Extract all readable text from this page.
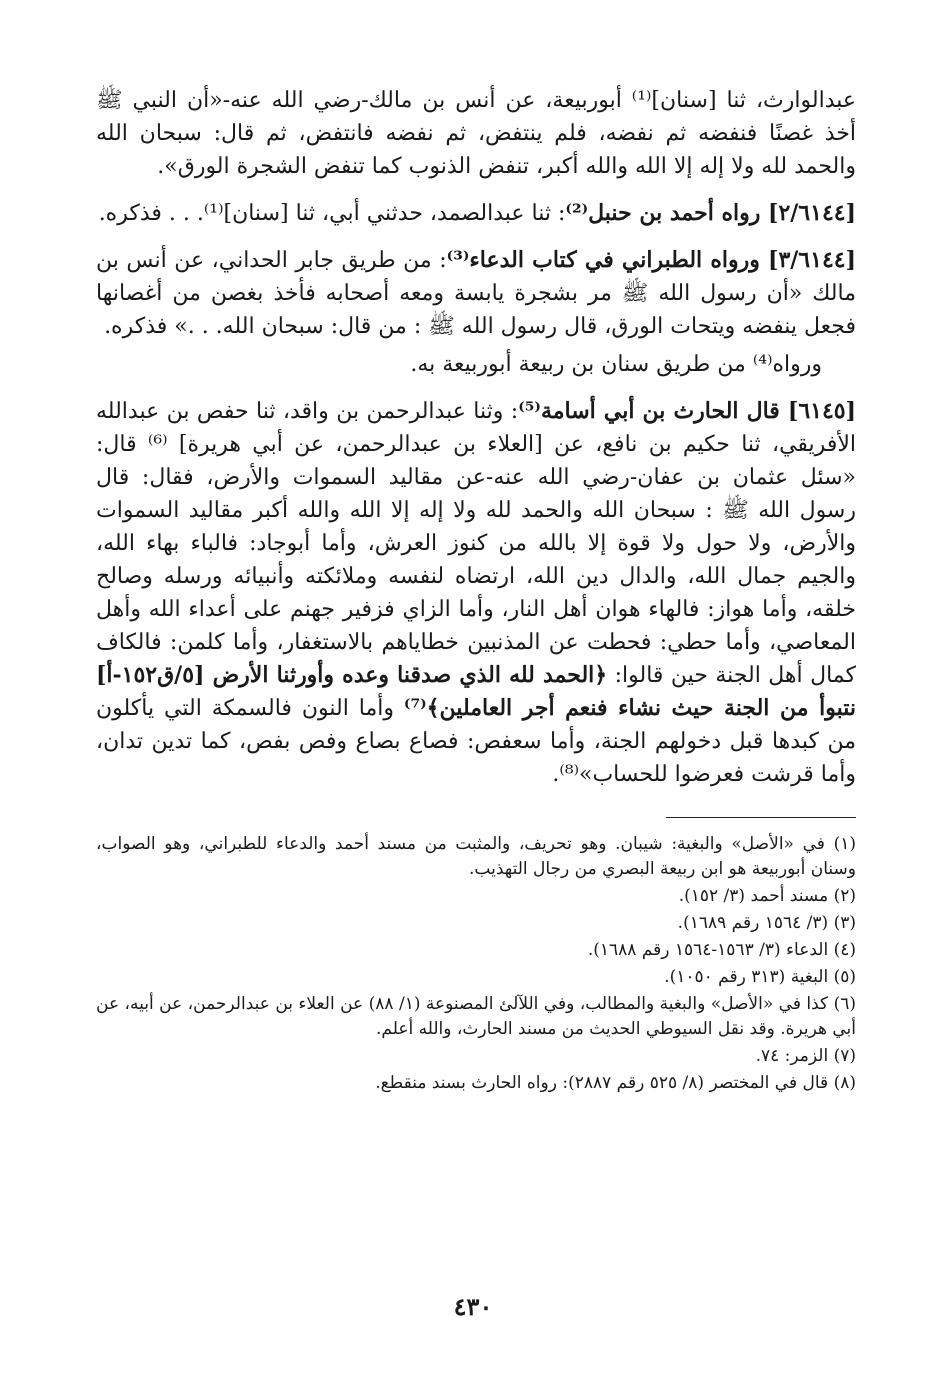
عبدالوارث، ثنا [سنان]⁽¹⁾ أبوربيعة، عن أنس بن مالك-رضي الله عنه-«أن النبي ﷺ أخذ غصنًا فنفضه ثم نفضه، فلم ينتفض، ثم نفضه فانتفض، ثم قال: سبحان الله والحمد لله ولا إله إلا الله والله أكبر، تنفض الذنوب كما تنفض الشجرة الورق».

[٢/٦١٤٤] رواه أحمد بن حنبل⁽²⁾: ثنا عبدالصمد، حدثني أبي، ثنا [سنان]⁽¹⁾. . . فذكره.

[٣/٦١٤٤] ورواه الطبراني في كتاب الدعاء⁽³⁾: من طريق جابر الحداني، عن أنس بن مالك «أن رسول الله ﷺ مر بشجرة يابسة ومعه أصحابه فأخذ بغصن من أغصانها فجعل ينفضه ويتحات الورق، قال رسول الله ﷺ : من قال: سبحان الله. . .» فذكره.

ورواه⁽⁴⁾ من طريق سنان بن ربيعة أبوربيعة به.

[٦١٤٥] قال الحارث بن أبي أسامة⁽⁵⁾: وثنا عبدالرحمن بن واقد، ثنا حفص بن عبدالله الأفريقي، ثنا حكيم بن نافع، عن [العلاء بن عبدالرحمن، عن أبي هريرة] ⁽⁶⁾ قال: «سئل عثمان بن عفان-رضي الله عنه-عن مقاليد السموات والأرض، فقال: قال رسول الله ﷺ : سبحان الله والحمد لله ولا إله إلا الله والله أكبر مقاليد السموات والأرض، ولا حول ولا قوة إلا بالله من كنوز العرش، وأما أبوجاد: فالباء بهاء الله، والجيم جمال الله، والدال دين الله، ارتضاه لنفسه وملائكته وأنبيائه ورسله وصالح خلقه، وأما هواز: فالهاء هوان أهل النار، وأما الزاي فزفير جهنم على أعداء الله وأهل المعاصي، وأما حطي: فحطت عن المذنبين خطاياهم بالاستغفار، وأما كلمن: فالكاف كمال أهل الجنة حين قالوا: ﴿الحمد لله الذي صدقنا وعده وأورثنا الأرض [٥/ق١٥٢-أ] نتبوأ من الجنة حيث نشاء فنعم أجر العاملين﴾⁽⁷⁾ وأما النون فالسمكة التي يأكلون من كبدها قبل دخولهم الجنة، وأما سعفص: فصاع بصاع وفص بفص، كما تدين تدان، وأما قرشت فعرضوا للحساب»⁽⁸⁾.

(١) في «الأصل» والبغية: شيبان. وهو تحريف، والمثبت من مسند أحمد والدعاء للطبراني، وهو الصواب، وسنان أبوربيعة هو ابن ربيعة البصري من رجال التهذيب.
(٢) مسند أحمد (٣/ ١٥٢).
(٣) (٣/ ١٥٦٤ رقم ١٦٨٩).
(٤) الدعاء (٣/ ١٥٦٣-١٥٦٤ رقم ١٦٨٨).
(٥) البغية (٣١٣ رقم ١٠٥٠).
(٦) كذا في «الأصل» والبغية والمطالب، وفي اللآلئ المصنوعة (١/ ٨٨) عن العلاء بن عبدالرحمن، عن أبيه، عن أبي هريرة. وقد نقل السيوطي الحديث من مسند الحارث، والله أعلم.
(٧) الزمر: ٧٤.
(٨) قال في المختصر (٨/ ٥٢٥ رقم ٢٨٨٧): رواه الحارث بسند منقطع.
٤٣٠
